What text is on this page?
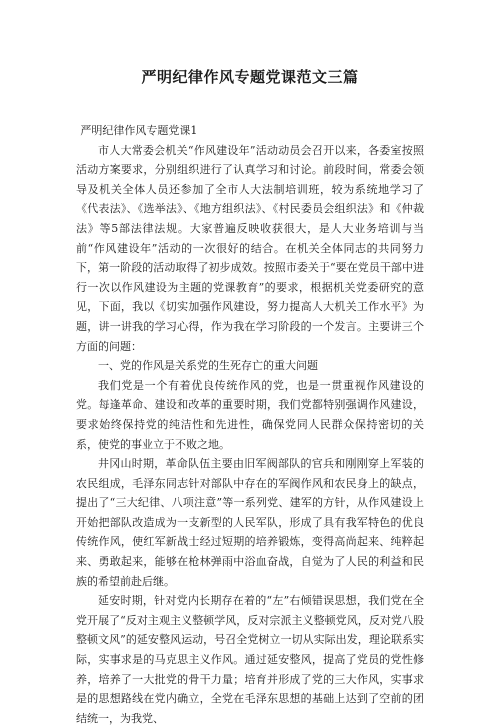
严明纪律作风专题党课范文三篇

严明纪律作风专题党课1

市人大常委会机关“作风建设年”活动动员会召开以来，各委室按照活动方案要求，分别组织进行了认真学习和讨论。前段时间，常委会领导及机关全体人员还参加了全市人大法制培训班，较为系统地学习了《代表法》、《选举法》、《地方组织法》、《村民委员会组织法》和《仲裁法》等5部法律法规。大家普遍反映收获很大，是人大业务培训与当前“作风建设年”活动的一次很好的结合。在机关全体同志的共同努力下，第一阶段的活动取得了初步成效。按照市委关于“要在党员干部中进行一次以作风建设为主题的党课教育”的要求，根据机关党委研究的意见，下面，我以《切实加强作风建设，努力提高人大机关工作水平》为题，讲一讲我的学习心得，作为我在学习阶段的一个发言。主要讲三个方面的问题：

一、党的作风是关系党的生死存亡的重大问题

我们党是一个有着优良传统作风的党，也是一贯重视作风建设的党。每逢革命、建设和改革的重要时期，我们党都特别强调作风建设，要求始终保持党的纯洁性和先进性，确保党同人民群众保持密切的关系，使党的事业立于不败之地。

井冈山时期，革命队伍主要由旧军阀部队的官兵和刚刚穿上军装的农民组成，毛泽东同志针对部队中存在的军阀作风和农民身上的缺点，提出了“三大纪律、八项注意”等一系列党、建军的方针，从作风建设上开始把部队改造成为一支新型的人民军队，形成了具有我军特色的优良传统作风，使红军新战士经过短期的培养锻炼，变得高尚起来、纯粹起来、勇敢起来，能够在枪林弹雨中浴血奋战，自觉为了人民的利益和民族的希望前赴后继。

延安时期，针对党内长期存在着的“左”右倾错误思想，我们党在全党开展了“反对主观主义整顿学风，反对宗派主义整顿党风，反对党八股整顿文风”的延安整风运动，号召全党树立一切从实际出发，理论联系实际，实事求是的马克思主义作风。通过延安整风，提高了党员的党性修养，培养了一大批党的骨干力量；培育并形成了党的三大作风，实事求是的思想路线在党内确立，全党在毛泽东思想的基础上达到了空前的团结统一，为我党、
